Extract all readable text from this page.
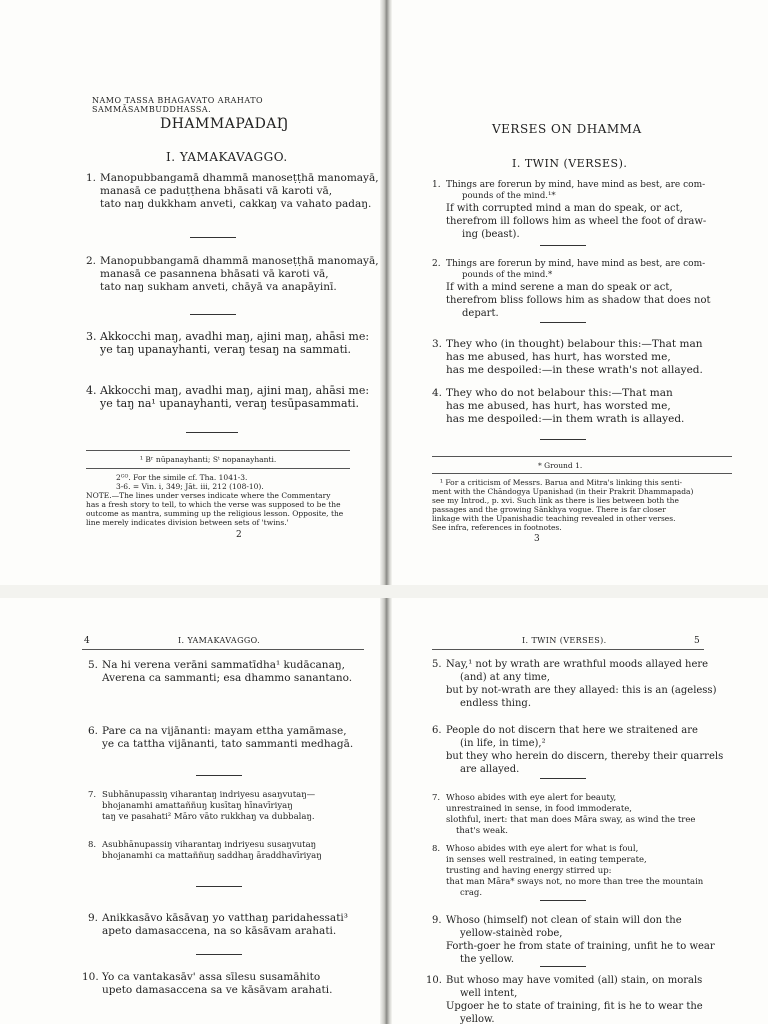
NAMO TASSA BHAGAVATO ARAHATO SAMMĀSAMBUDDHASSA.
DHAMMAPADAŊ
I. YAMAKAVAGGO.
1. Manopubbangamā dhammā manoseṭṭhā manomayā,
manasā ce paduṭṭhena bhāsati vā karoti vā,
tato naŋ dukkham anveti, cakkaŋ va vahato padaŋ.
2. Manopubbangamā dhammā manoseṭṭhā manomayā,
manasā ce pasannena bhāsati vā karoti vā,
tato naŋ sukham anveti, chāyā va anapāyinī.
3. Akkocchi maŋ, avadhi maŋ, ajini maŋ, ahāsi me:
ye taŋ upanayhanti, veraŋ tesaŋ na sammati.
4. Akkocchi maŋ, avadhi maŋ, ajini maŋ, ahāsi me:
ye taŋ na¹ upanayhanti, veraŋ tesūpasammati.
¹ Bʳ nūpanayhanti; Sᵗ nopanayhanti.
2ᴳᴼ. For the simile cf. Tha. 1041-3.
3-6. = Vin. i, 349; Jāt. iii, 212 (108-10).
NOTE.—The lines under verses indicate where the Commentary
has a fresh story to tell, to which the verse was supposed to be the
outcome as mantra, summing up the religious lesson. Opposite, the
line merely indicates division between sets of 'twins.'
2
VERSES ON DHAMMA
I. TWIN (VERSES).
1. Things are forerun by mind, have mind as best, are com-
pounds of the mind.¹*
If with corrupted mind a man do speak, or act,
therefrom ill follows him as wheel the foot of draw-
ing (beast).
2. Things are forerun by mind, have mind as best, are com-
pounds of the mind.*
If with a mind serene a man do speak or act,
therefrom bliss follows him as shadow that does not
depart.
3. They who (in thought) belabour this:—That man
has me abused, has hurt, has worsted me,
has me despoiled:—in these wrath's not allayed.
4. They who do not belabour this:—That man
has me abused, has hurt, has worsted me,
has me despoiled:—in them wrath is allayed.
* Ground 1.
¹ For a criticism of Messrs. Barua and Mitra's linking this senti-
ment with the Chāndogya Upanishad (in their Prakrit Dhammapada)
see my Introd., p. xvi. Such link as there is lies between both the
passages and the growing Sānkhya vogue. There is far closer
linkage with the Upanishadic teaching revealed in other verses.
See infra, references in footnotes.
3
4	I. YAMAKAVAGGO.
5. Na hi verena verāni sammatīdha¹ kudācanaŋ,
Averena ca sammanti; esa dhammo sanantano.
6. Pare ca na vijānanti: mayam ettha yamāmase,
ye ca tattha vijānanti, tato sammanti medhagā.
7. Subhānupassiŋ viharantaŋ indriyesu asaŋvutaŋ—
bhojanamhi amattaññuŋ kusītaŋ hīnavīriyaŋ
taŋ ve pasahati² Māro vāto rukkhaŋ va dubbalaŋ.
8. Asubhānupassiŋ viharantaŋ indriyesu susaŋvutaŋ
bhojanamhi ca mattaññuŋ saddhaŋ āraddhavīriyaŋ
9. Anikkasāvo kāsāvaŋ yo vatthaŋ paridahessati³
apeto damasaccena, na so kāsāvam arahati.
10. Yo ca vantakasāv' assa sīlesu susamāhito
upeto damasaccena sa ve kāsāvam arahati.
I. TWIN (VERSES).	5
5. Nay,¹ not by wrath are wrathful moods allayed here
(and) at any time,
but by not-wrath are they allayed: this is an (ageless)
endless thing.
6. People do not discern that here we straitened are
(in life, in time),²
but they who herein do discern, thereby their quarrels
are allayed.
7. Whoso abides with eye alert for beauty,
unrestrained in sense, in food immoderate,
slothful, inert: that man does Māra sway, as wind the tree
that's weak.
8. Whoso abides with eye alert for what is foul,
in senses well restrained, in eating temperate,
trusting and having energy stirred up:
that man Māra* sways not, no more than tree the mountain
crag.
9. Whoso (himself) not clean of stain will don the
yellow-stainèd robe,
Forth-goer he from state of training, unfit he to wear
the yellow.
10. But whoso may have vomited (all) stain, on morals
well intent,
Upgoer he to state of training, fit is he to wear the
yellow.
